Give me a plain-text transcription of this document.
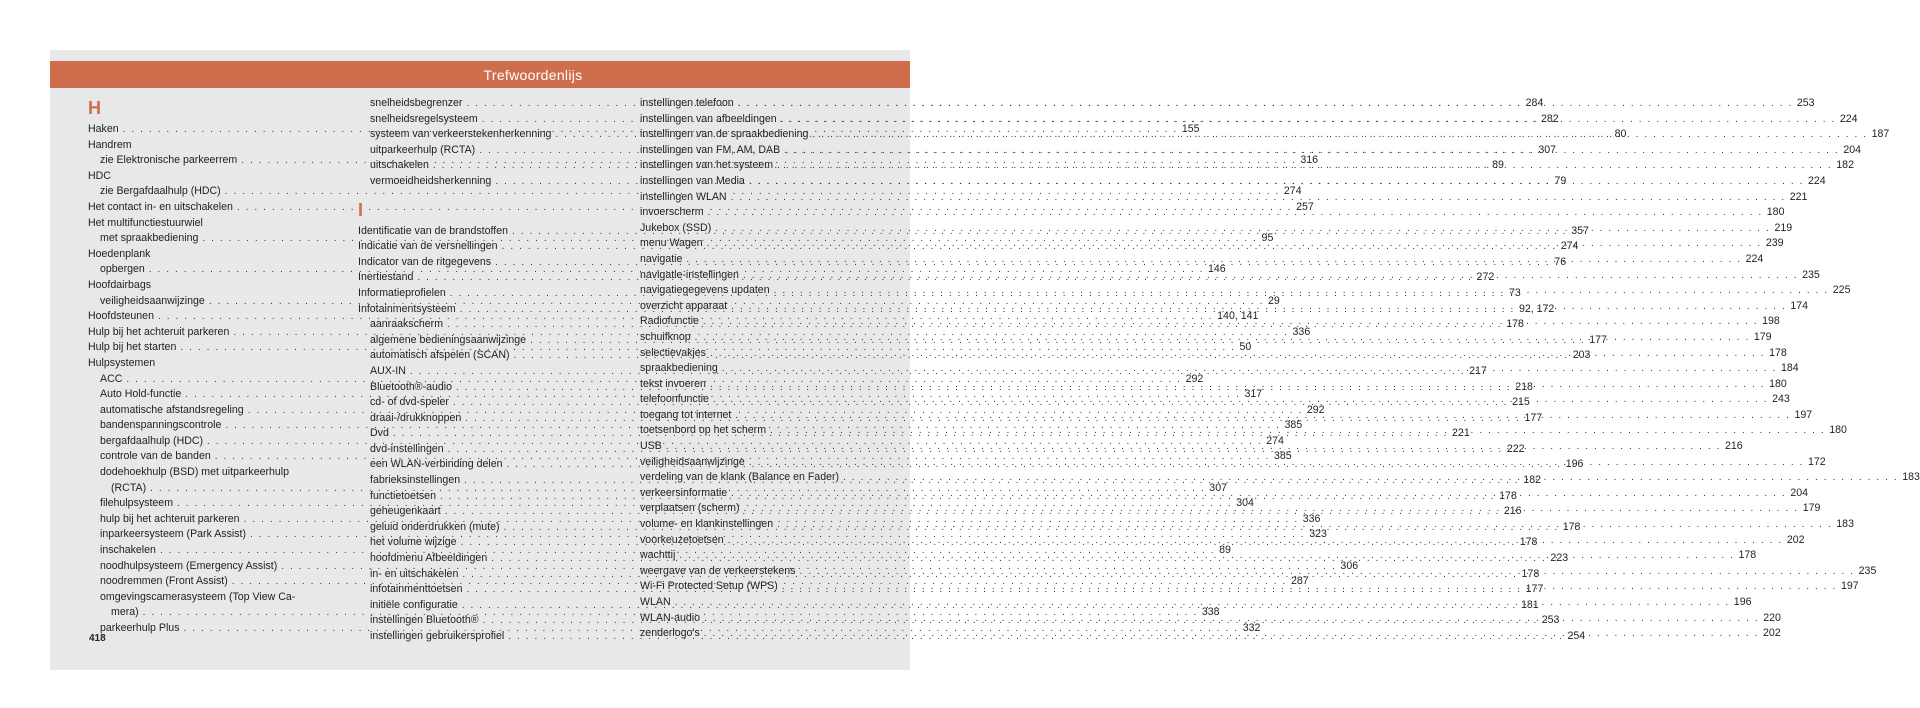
Trefwoordenlijs
H
Haken . . .	155
Handrem
zie Elektronische parkeerrem . . .	316
HDC
zie Bergafdaalhulp (HDC) . . .	274
Het contact in- en uitschakelen . . .	257
Het multifunctiestuurwiel
met spraakbediening . . .	95
Hoedenplank
opbergen . . .	146
Hoofdairbags
veiligheidsaanwijzinge . . .	29
Hoofdsteunen . . .	140, 141
Hulp bij het achteruit parkeren . . .	336
Hulp bij het starten . . .	50
Hulpsystemen
ACC . . .	292
Auto Hold-functie . . .	317
automatische afstandsregeling . . .	292
bandenspanningscontrole . . .	385
bergafdaalhulp (HDC) . . .	274
controle van de banden . . .	385
dodehoekhulp (BSD) met uitparkeerhulp
(RCTA) . . .	307
filehulpsysteem . . .	304
hulp bij het achteruit parkeren . . .	336
inparkeersysteem (Park Assist) . . .	323
inschakelen . . .	89
noodhulpsysteem (Emergency Assist) . . .	306
noodremmen (Front Assist) . . .	287
omgevingscamerasysteem (Top View Ca-
mera) . . .	338
parkeerhulp Plus . . .	332
snelheidsbegrenzer . . .	284
snelheidsregelsysteem . . .	282
systeem van verkeerstekenherkenning . . .	80
uitparkeerhulp (RCTA) . . .	307
uitschakelen . . .	89
vermoeidheidsherkenning . . .	79
I
Identificatie van de brandstoffen . . .	357
Indicatie van de versnellingen . . .	274
Indicator van de ritgegevens . . .	76
Inertiestand . . .	272
Informatieprofielen . . .	73
Infotainmentsysteem . . .	92, 172
aanraakscherm . . .	178
algemene bedieningsaanwijzinge . . .	177
automatisch afspelen (SCAN) . . .	203
AUX-IN . . .	217
Bluetooth®-audio . . .	218
cd- of dvd-speler . . .	215
draai-/drukknoppen . . .	177
Dvd . . .	221
dvd-instellingen . . .	222
een WLAN-verbinding delen . . .	196
fabrieksinstellingen . . .	182
functietoetsen . . .	178
geheugenkaart . . .	216
geluid onderdrukken (mute) . . .	178
het volume wijzige . . .	178
hoofdmenu Afbeeldingen . . .	223
in- en uitschakelen . . .	178
infotainmenttoetsen . . .	177
initiële configuratie . . .	181
instellingen Bluetooth® . . .	253
instellingen gebruikersprofiel . . .	254
instellingen telefoon . . .	253
instellingen van afbeeldingen . . .	224
instellingen van de spraakbediening . . .	187
instellingen van FM, AM, DAB . . .	204
instellingen van het systeem . . .	182
instellingen van Media . . .	224
instellingen WLAN . . .	221
invoerscherm . . .	180
Jukebox (SSD) . . .	219
menu Wagen . . .	239
navigatie . . .	224
navigatie-instellingen . . .	235
navigatiegegevens updaten . . .	225
overzicht apparaat . . .	174
Radiofunctie . . .	198
schuifknop . . .	179
selectievakjes . . .	178
spraakbediening . . .	184
tekst invoeren . . .	180
telefoonfunctie . . .	243
toegang tot internet . . .	197
toetsenbord op het scherm . . .	180
USB . . .	216
veiligheidsaanwijzinge . . .	172
verdeling van de klank (Balance en Fader) . . .	183
verkeersinformatie . . .	204
verplaatsen (scherm) . . .	179
volume- en klankinstellingen . . .	183
voorkeuzetoetsen . . .	202
wachttij . . .	178
weergave van de verkeerstekens . . .	235
Wi-Fi Protected Setup (WPS) . . .	197
WLAN . . .	196
WLAN-audio . . .	220
zenderlogo's . . .	202
418
